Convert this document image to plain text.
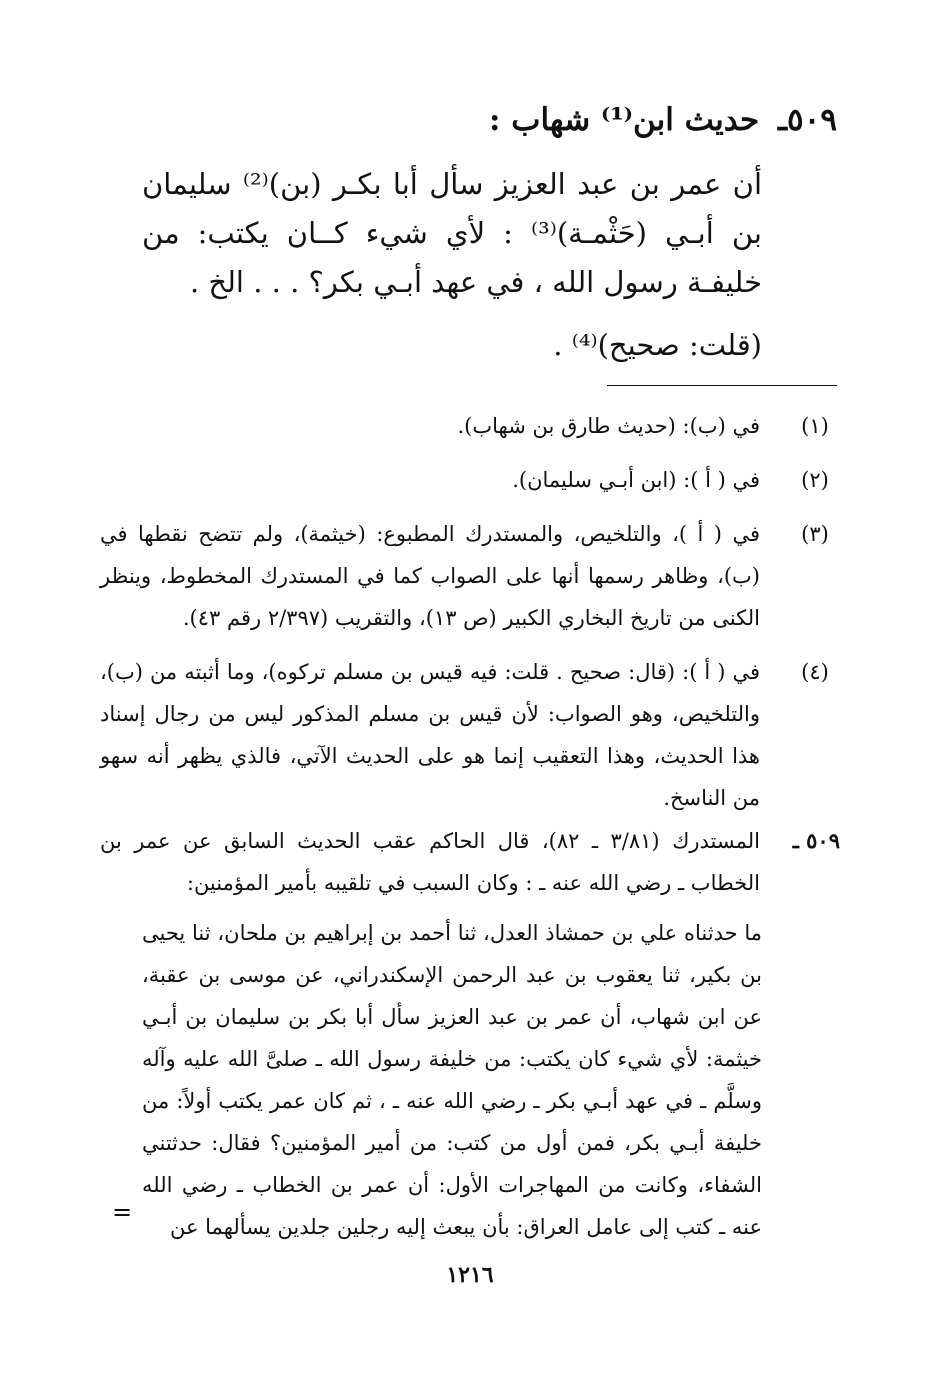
٥٠٩ـ حديث ابن⁽¹⁾ شهاب :

أن عمر بن عبد العزيز سأل أبا بكـر (بن)⁽²⁾ سليمان بن أبـي (حَثْمـة)⁽³⁾ : لأي شيء كــان يكتب: من خليفـة رسول الله ، في عهد أبـي بكر؟ . . . الخ .

(قلت: صحيح)⁽⁴⁾ .

(١)
في (ب): (حديث طارق بن شهاب).
(٢)
في ( أ ): (ابن أبـي سليمان).
(٣)
في ( أ )، والتلخيص، والمستدرك المطبوع: (خيثمة)، ولم تتضح نقطها في (ب)، وظاهر رسمها أنها على الصواب كما في المستدرك المخطوط، وينظر الكنى من تاريخ البخاري الكبير (ص ١٣)، والتقريب (٢/٣٩٧ رقم ٤٣).
(٤)
في ( أ ): (قال: صحيح . قلت: فيه قيس بن مسلم تركوه)، وما أثبته من (ب)، والتلخيص، وهو الصواب: لأن قيس بن مسلم المذكور ليس من رجال إسناد هذا الحديث، وهذا التعقيب إنما هو على الحديث الآتي، فالذي يظهر أنه سهو من الناسخ.
٥٠٩ ـ
المستدرك (٣/٨١ ـ ٨٢)، قال الحاكم عقب الحديث السابق عن عمر بن الخطاب ـ رضي الله عنه ـ : وكان السبب في تلقيبه بأمير المؤمنين:
ما حدثناه علي بن حمشاذ العدل، ثنا أحمد بن إبراهيم بن ملحان، ثنا يحيى بن بكير، ثنا يعقوب بن عبد الرحمن الإسكندراني، عن موسى بن عقبة، عن ابن شهاب، أن عمر بن عبد العزيز سأل أبا بكر بن سليمان بن أبـي خيثمة: لأي شيء كان يكتب: من خليفة رسول الله ـ صلىَّ الله عليه وآله وسلَّم ـ في عهد أبـي بكر ـ رضي الله عنه ـ ، ثم كان عمر يكتب أولاً: من خليفة أبـي بكر، فمن أول من كتب: من أمير المؤمنين؟ فقال: حدثتني الشفاء، وكانت من المهاجرات الأول: أن عمر بن الخطاب ـ رضي الله عنه ـ كتب إلى عامل العراق: بأن يبعث إليه رجلين جلدين يسألهما عن
=
١٢١٦
